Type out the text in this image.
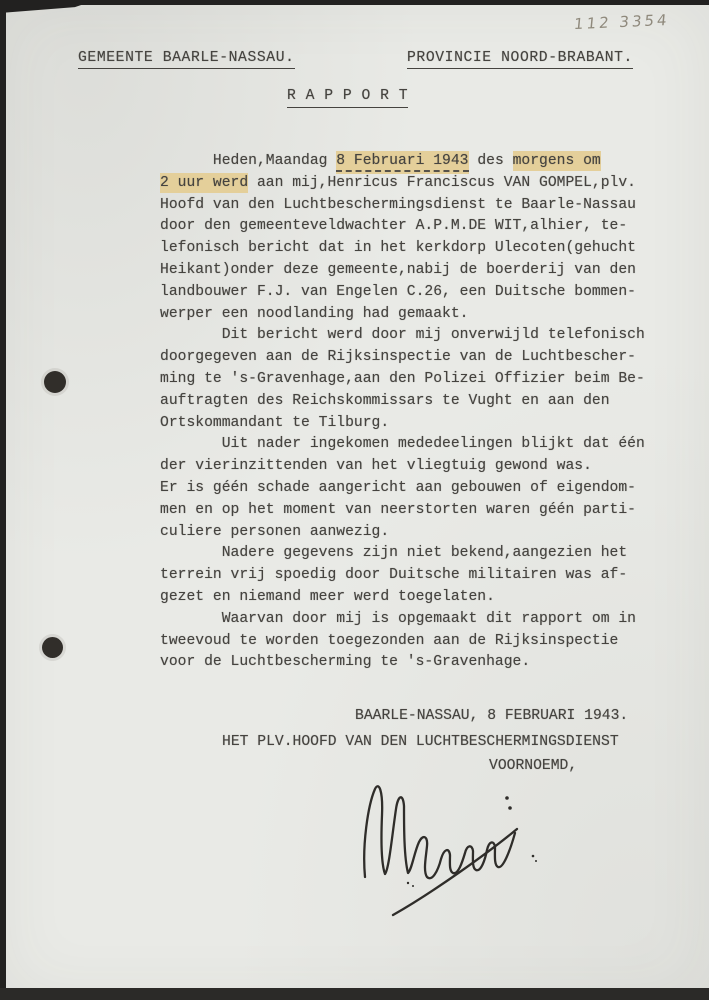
112 3354
GEMEENTE BAARLE-NASSAU.	PROVINCIE NOORD-BRABANT.
R A P P O R T
Heden,Maandag 8 Februari 1943 des morgens om
2 uur werd aan mij,Henricus Franciscus VAN GOMPEL,plv.
Hoofd van den Luchtbeschermingsdienst te Baarle-Nassau
door den gemeenteveldwachter A.P.M.DE WIT,alhier, te-
lefonisch bericht dat in het kerkdorp Ulecoten(gehucht
Heikant)onder deze gemeente,nabij de boerderij van den
landbouwer F.J. van Engelen C.26, een Duitsche bommen-
werper een noodlanding had gemaakt.
Dit bericht werd door mij onverwijld telefonisch
doorgegeven aan de Rijksinspectie van de Luchtbescher-
ming te 's-Gravenhage,aan den Polizei Offizier beim Be-
auftragten des Reichskommissars te Vught en aan den
Ortskommandant te Tilburg.
Uit nader ingekomen mededeelingen blijkt dat één
der vierinzittenden van het vliegtuig gewond was.
Er is géén schade aangericht aan gebouwen of eigendom-
men en op het moment van neerstorten waren géén parti-
culiere personen aanwezig.
Nadere gegevens zijn niet bekend,aangezien het
terrein vrij spoedig door Duitsche militairen was af-
gezet en niemand meer werd toegelaten.
Waarvan door mij is opgemaakt dit rapport om in
tweevoud te worden toegezonden aan de Rijksinspectie
voor de Luchtbescherming te 's-Gravenhage.
BAARLE-NASSAU, 8 FEBRUARI 1943.
HET PLV.HOOFD VAN DEN LUCHTBESCHERMINGSDIENST
VOORNOEMD,
